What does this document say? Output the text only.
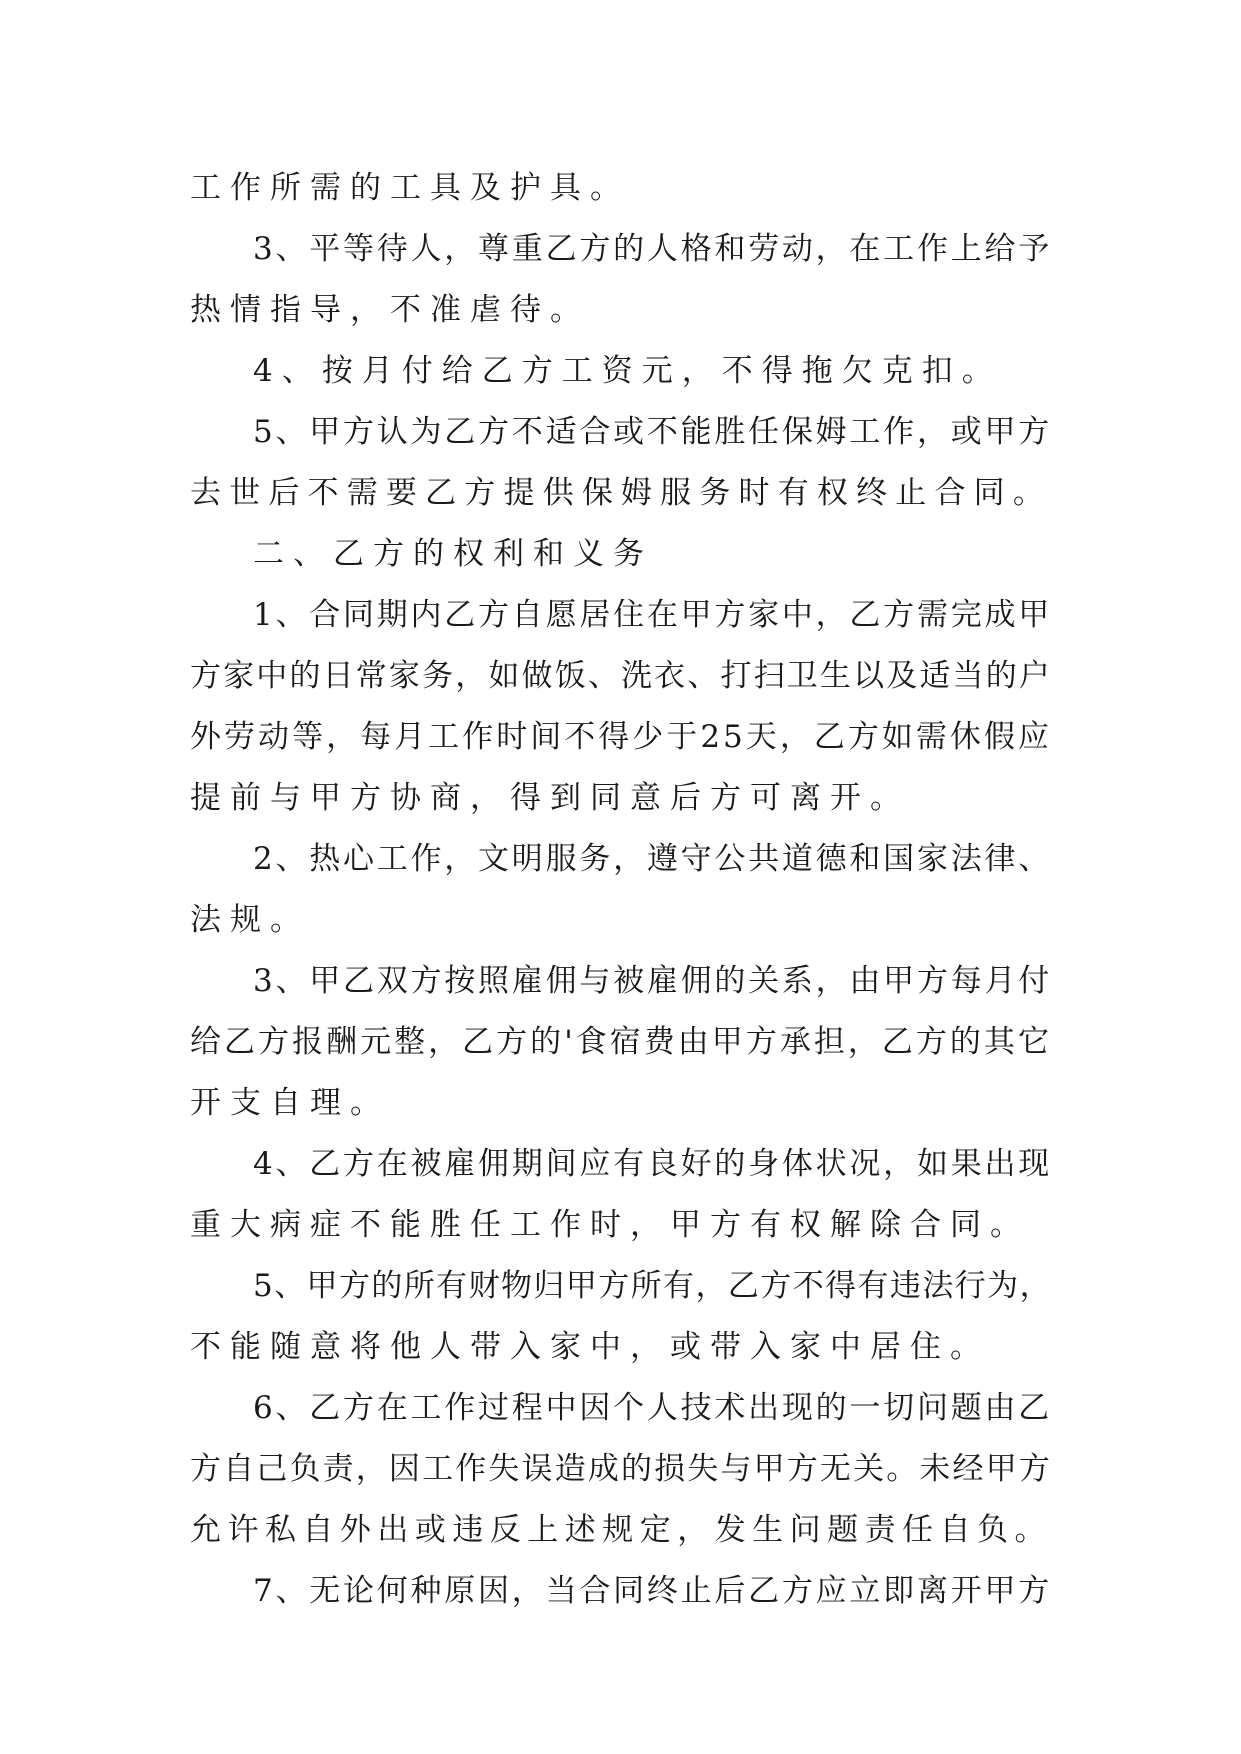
工作所需的工具及护具。
3、平等待人，尊重乙方的人格和劳动，在工作上给予
热情指导，不准虐待。
4、按月付给乙方工资元，不得拖欠克扣。
5、甲方认为乙方不适合或不能胜任保姆工作，或甲方
去世后不需要乙方提供保姆服务时有权终止合同。
二、乙方的权利和义务
1、合同期内乙方自愿居住在甲方家中，乙方需完成甲
方家中的日常家务，如做饭、洗衣、打扫卫生以及适当的户
外劳动等，每月工作时间不得少于25天，乙方如需休假应
提前与甲方协商，得到同意后方可离开。
2、热心工作，文明服务，遵守公共道德和国家法律、
法规。
3、甲乙双方按照雇佣与被雇佣的关系，由甲方每月付
给乙方报酬元整，乙方的'食宿费由甲方承担，乙方的其它
开支自理。
4、乙方在被雇佣期间应有良好的身体状况，如果出现
重大病症不能胜任工作时，甲方有权解除合同。
5、甲方的所有财物归甲方所有，乙方不得有违法行为，
不能随意将他人带入家中，或带入家中居住。
6、乙方在工作过程中因个人技术出现的一切问题由乙
方自己负责，因工作失误造成的损失与甲方无关。未经甲方
允许私自外出或违反上述规定，发生问题责任自负。
7、无论何种原因，当合同终止后乙方应立即离开甲方
